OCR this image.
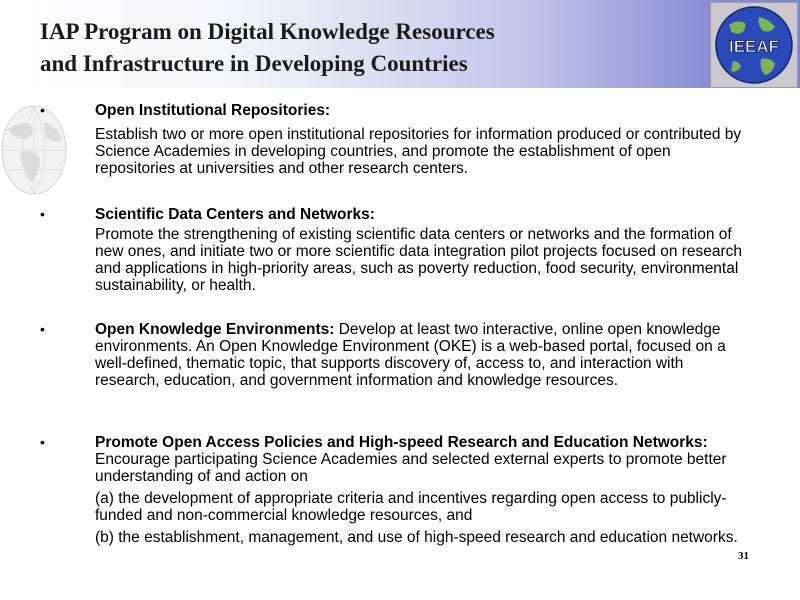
IAP Program on Digital Knowledge Resources
and Infrastructure in Developing Countries
IEEAF
•	Open Institutional Repositories:
Establish two or more open institutional repositories for information produced or contributed by Science Academies in developing countries, and promote the establishment of open repositories at universities and other research centers.
•	Scientific Data Centers and Networks:
Promote the strengthening of existing scientific data centers or networks and the formation of new ones, and initiate two or more scientific data integration pilot projects focused on research and applications in high-priority areas, such as poverty reduction, food security, environmental sustainability, or health.
•	Open Knowledge Environments: Develop at least two interactive, online open knowledge environments. An Open Knowledge Environment (OKE) is a web-based portal, focused on a well-defined, thematic topic, that supports discovery of, access to, and interaction with research, education, and government information and knowledge resources.
•	Promote Open Access Policies and High-speed Research and Education Networks: Encourage participating Science Academies and selected external experts to promote better understanding of and action on
(a) the development of appropriate criteria and incentives regarding open access to publicly-funded and non-commercial knowledge resources, and
(b) the establishment, management, and use of high-speed research and education networks.
31
